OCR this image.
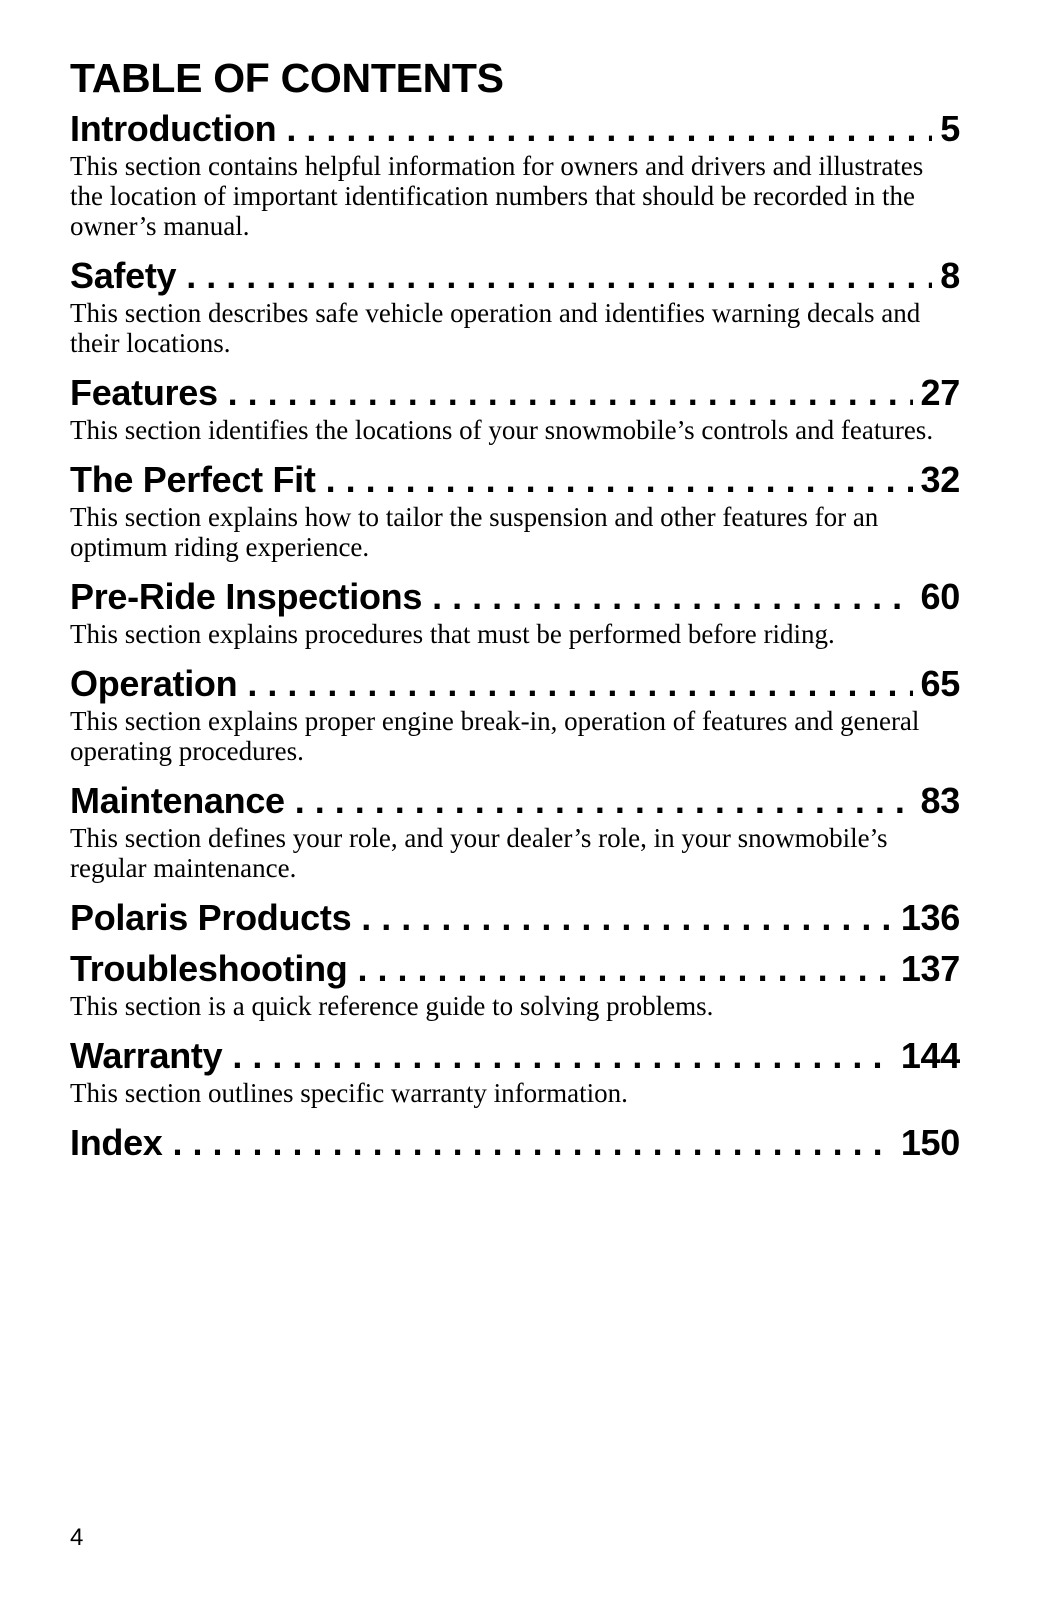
TABLE OF CONTENTS
Introduction . . .	5

This section contains helpful information for owners and drivers and illustrates the location of important identification numbers that should be recorded in the owner’s manual.

Safety . . .	8

This section describes safe vehicle operation and identifies warning decals and their locations.

Features . . .	27

This section identifies the locations of your snowmobile’s controls and features.

The Perfect Fit . . .	32

This section explains how to tailor the suspension and other features for an optimum riding experience.

Pre-Ride Inspections . . .	60

This section explains procedures that must be performed before riding.

Operation . . .	65

This section explains proper engine break-in, operation of features and general operating procedures.

Maintenance . . .	83

This section defines your role, and your dealer’s role, in your snowmobile’s regular maintenance.

Polaris Products . . .	136
Troubleshooting . . .	137

This section is a quick reference guide to solving problems.

Warranty . . .	144

This section outlines specific warranty information.

Index . . .	150
4
